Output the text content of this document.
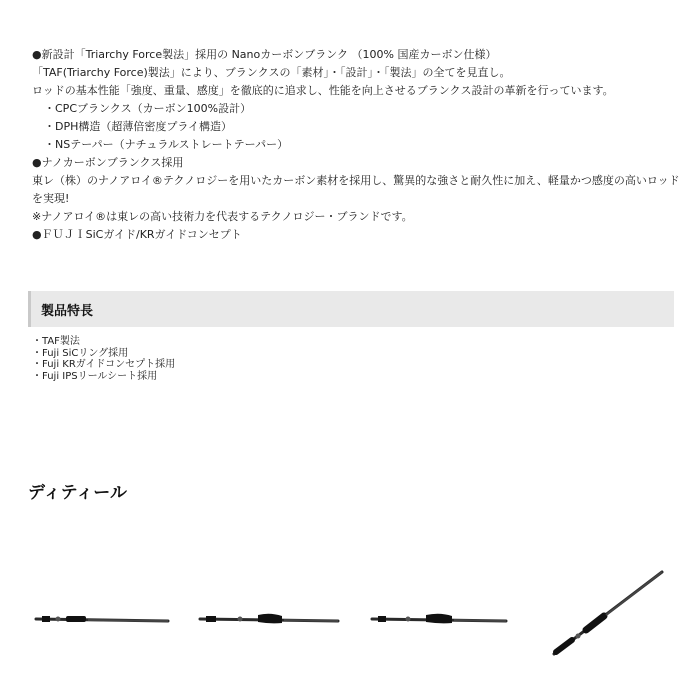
●新設計「Triarchy Force製法」採用の Nanoカーボンブランク （100% 国産カーボン仕様）
「TAF(Triarchy Force)製法」により、ブランクスの「素材」・「設計」・「製法」の全てを見直し。
ロッドの基本性能「強度、重量、感度」を徹底的に追求し、性能を向上させるブランクス設計の革新を行っています。
・CPCブランクス（カーボン100%設計）
・DPH構造（超薄倍密度プライ構造）
・NSテーパー（ナチュラルストレートテーパー）
●ナノカーボンブランクス採用
東レ（株）のナノアロイ®テクノロジーを用いたカーボン素材を採用し、驚異的な強さと耐久性に加え、軽量かつ感度の高いロッドを実現!
※ナノアロイ®は東レの高い技術力を代表するテクノロジー・ブランドです。
●ＦＵＪＩSiCガイド/KRガイドコンセプト
製品特長
・TAF製法
・Fuji SiCリング採用
・Fuji KRガイドコンセプト採用
・Fuji IPSリールシート採用
ディティール
